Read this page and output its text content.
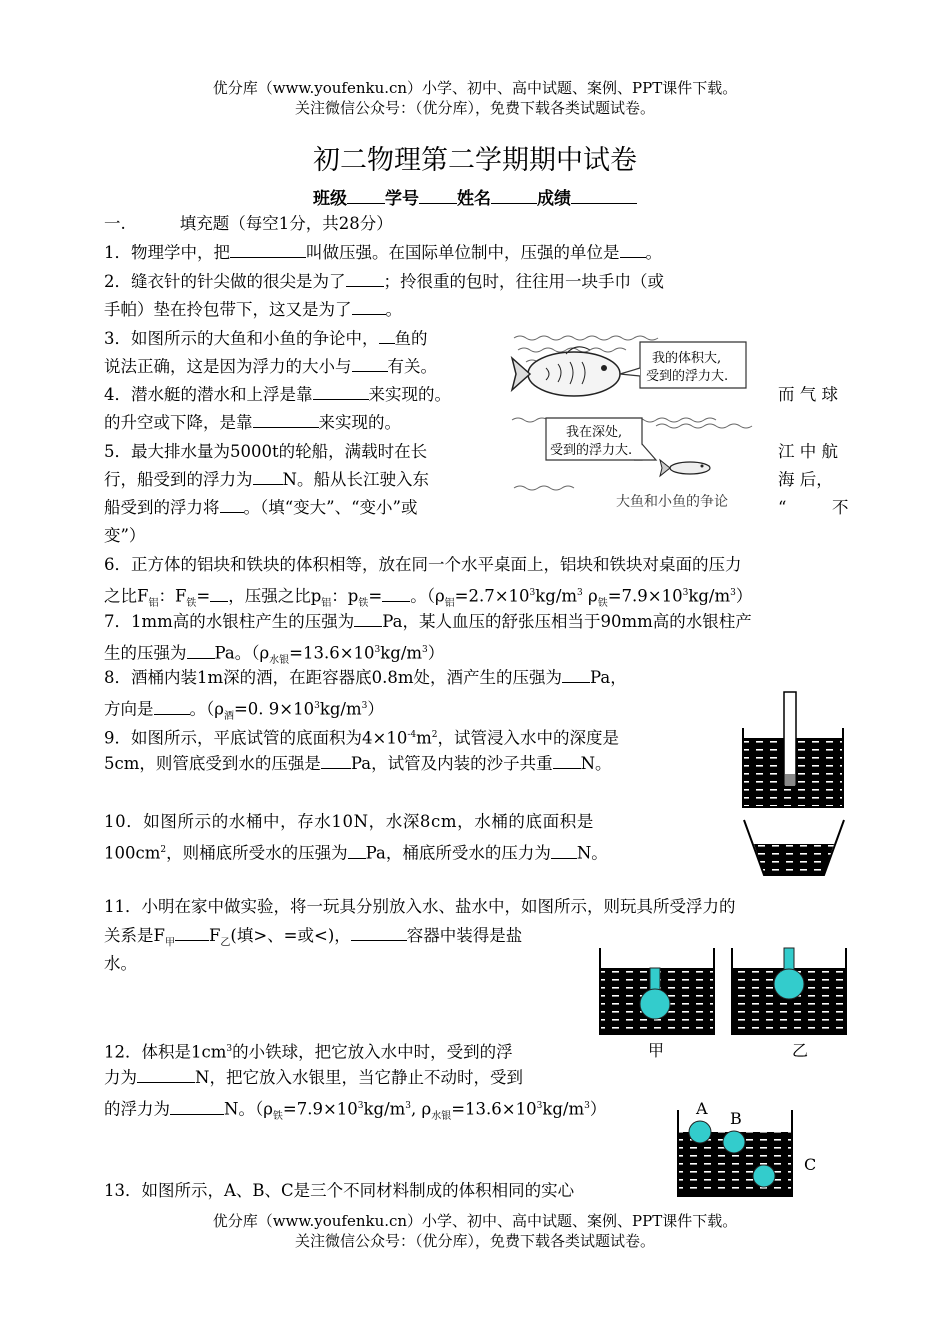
优分库（www.youfenku.cn）小学、初中、高中试题、案例、PPT课件下载。
关注微信公众号：（优分库），免费下载各类试题试卷。
初二物理第二学期期中试卷
班级 学号 姓名	成绩
一.	填充题（每空1分，共28分）
1．物理学中，把	叫做压强。在国际单位制中，压强的单位是 。
2．缝衣针的针尖做的很尖是为了 ；拎很重的包时，往往用一块手巾（或
手帕）垫在拎包带下，这又是为了 。
3．如图所示的大鱼和小鱼的争论中， 鱼的
说法正确，这是因为浮力的大小与 有关。
4．潜水艇的潜水和上浮是靠	来实现的。	而 气 球
的升空或下降，是靠	来实现的。
5．最大排水量为5000t的轮船，满载时在长	江 中 航
行，船受到的浮力为 N。船从长江驶入东	海 后，
船受到的浮力将 。（填“变大”、“变小”或	“	不
变”）
我的体积大,
受到的浮力大.
我在深处,
受到的浮力大.
大鱼和小鱼的争论
6．正方体的铝块和铁块的体积相等，放在同一个水平桌面上，铝块和铁块对桌面的压力
之比$F_铝$：$F_铁=$ ，压强之比$p_铝$：$p_铁=$ 。（$\rho_铝=2.7\times 10^3kg/m^3$ $\rho_铁=7.9\times 10^3kg/m^3$）
7．1mm高的水银柱产生的压强为 Pa，某人血压的舒张压相当于90mm高的水银柱产
生的压强为 Pa。$(\rho_{水银}=13.6\times 10^3kg/m^3)$
8．酒桶内装1m深的酒，在距容器底0.8m处，酒产生的压强为 Pa，
方向是 。（$\rho_酒=0$. $9\times 10^3kg/m^3$）
9．如图所示，平底试管的底面积为$4\times 10^{-4}m^2$，试管浸入水中的深度是
5cm，则管底受到水的压强是 Pa，试管及内装的沙子共重 N。
10．如图所示的水桶中，存水10N，水深8cm，水桶的底面积是
$100cm^2$，则桶底所受水的压强为 Pa，桶底所受水的压力为 N。
11．小明在家中做实验，将一玩具分别放入水、盐水中，如图所示，则玩具所受浮力的
关系是$F_甲$ $F_乙$(填>、=或<)，	容器中装得是盐
水。
甲	乙
12．体积是$1cm^3$的小铁球，把它放入水中时，受到的浮
力为	N，把它放入水银里，当它静止不动时，受到
的浮力为	N。（$\rho_铁=7.9\times 10^3kg/m^3$, $\rho_{水银}=13.6\times 10^3kg/m^3$）	A
B
C
13．如图所示，A、B、C是三个不同材料制成的体积相同的实心
优分库（www.youfenku.cn）小学、初中、高中试题、案例、PPT课件下载。
关注微信公众号：（优分库），免费下载各类试题试卷。
